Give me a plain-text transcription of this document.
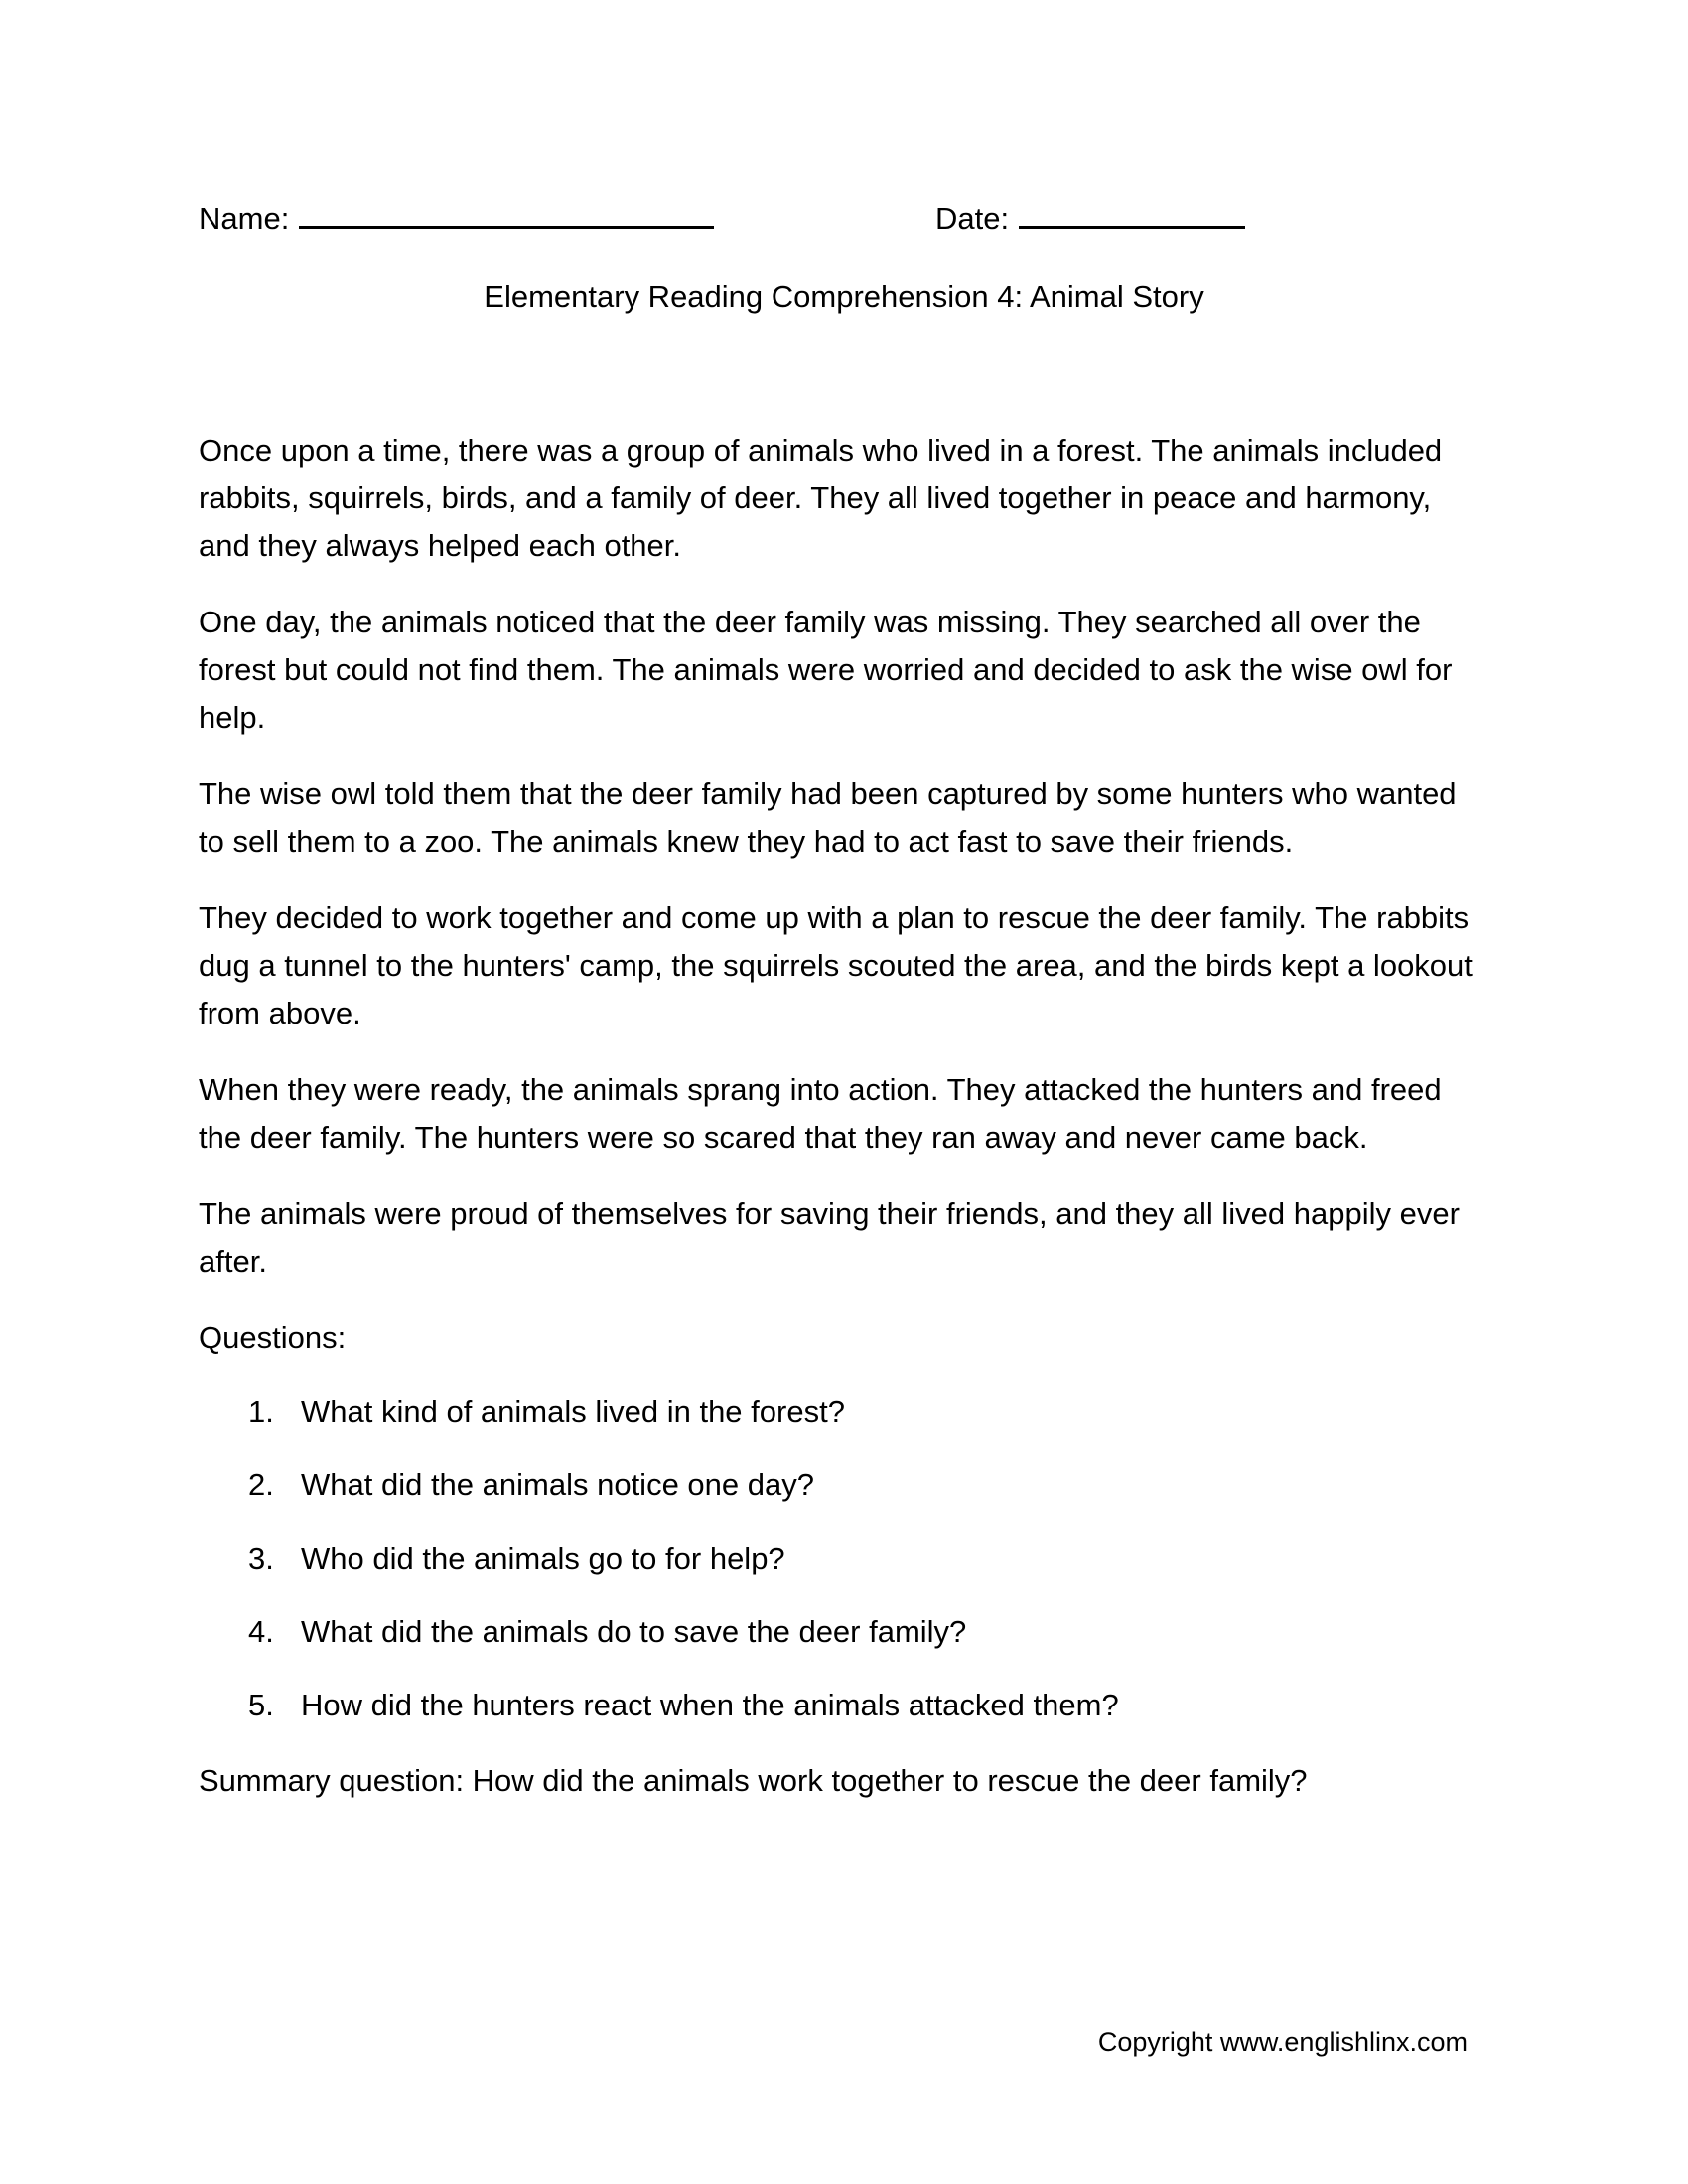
Name:	Date:
Elementary Reading Comprehension 4: Animal Story

Once upon a time, there was a group of animals who lived in a forest. The animals included rabbits, squirrels, birds, and a family of deer. They all lived together in peace and harmony, and they always helped each other.

One day, the animals noticed that the deer family was missing. They searched all over the forest but could not find them. The animals were worried and decided to ask the wise owl for help.

The wise owl told them that the deer family had been captured by some hunters who wanted to sell them to a zoo. The animals knew they had to act fast to save their friends.

They decided to work together and come up with a plan to rescue the deer family. The rabbits dug a tunnel to the hunters' camp, the squirrels scouted the area, and the birds kept a lookout from above.

When they were ready, the animals sprang into action. They attacked the hunters and freed the deer family. The hunters were so scared that they ran away and never came back.

The animals were proud of themselves for saving their friends, and they all lived happily ever after.

Questions:
1. What kind of animals lived in the forest?
2. What did the animals notice one day?
3. Who did the animals go to for help?
4. What did the animals do to save the deer family?
5. How did the hunters react when the animals attacked them?

Summary question: How did the animals work together to rescue the deer family?

Copyright www.englishlinx.com
